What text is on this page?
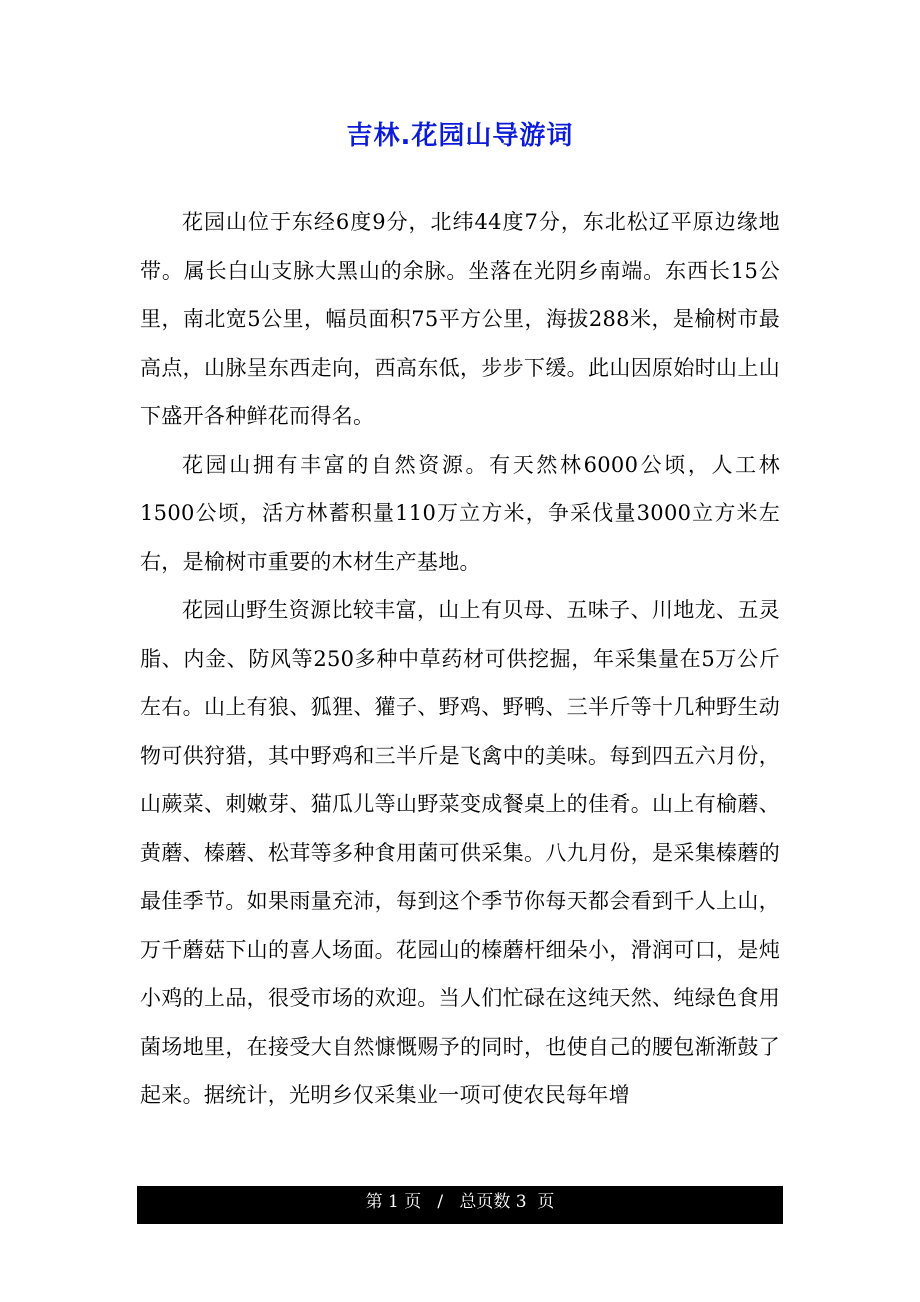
吉林.花园山导游词

花园山位于东经6度9分，北纬44度7分，东北松辽平原边缘地带。属长白山支脉大黑山的余脉。坐落在光阴乡南端。东西长15公里，南北宽5公里，幅员面积75平方公里，海拔288米，是榆树市最高点，山脉呈东西走向，西高东低，步步下缓。此山因原始时山上山下盛开各种鲜花而得名。

花园山拥有丰富的自然资源。有天然林6000公顷，人工林1500公顷，活方林蓄积量110万立方米，争采伐量3000立方米左右，是榆树市重要的木材生产基地。

花园山野生资源比较丰富，山上有贝母、五味子、川地龙、五灵脂、内金、防风等250多种中草药材可供挖掘，年采集量在5万公斤左右。山上有狼、狐狸、獾子、野鸡、野鸭、三半斤等十几种野生动物可供狩猎，其中野鸡和三半斤是飞禽中的美味。每到四五六月份，山蕨菜、刺嫩芽、猫瓜儿等山野菜变成餐桌上的佳肴。山上有榆蘑、黄蘑、榛蘑、松茸等多种食用菌可供采集。八九月份，是采集榛蘑的最佳季节。如果雨量充沛，每到这个季节你每天都会看到千人上山，万千蘑菇下山的喜人场面。花园山的榛蘑杆细朵小，滑润可口，是炖小鸡的上品，很受市场的欢迎。当人们忙碌在这纯天然、纯绿色食用菌场地里，在接受大自然慷慨赐予的同时，也使自己的腰包渐渐鼓了起来。据统计，光明乡仅采集业一项可使农民每年增

第 1 页   /   总页数 3  页
